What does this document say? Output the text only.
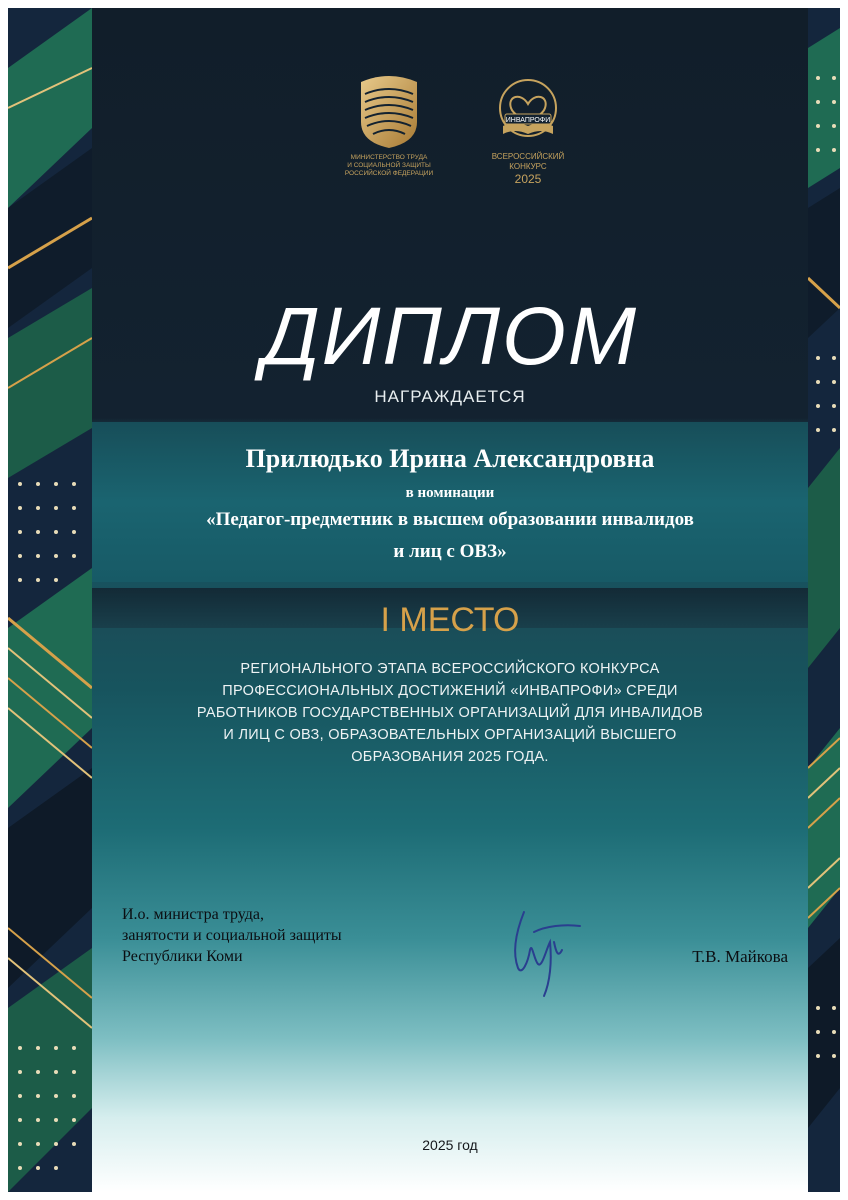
МИНИСТЕРСТВО ТРУДА
И СОЦИАЛЬНОЙ ЗАЩИТЫ
РОССИЙСКОЙ ФЕДЕРАЦИИ
ИНВАПРОФИ
ВСЕРОССИЙСКИЙ
КОНКУРС
2025
ДИПЛОМ
НАГРАЖДАЕТСЯ
Прилюдько Ирина Александровна
в номинации
«Педагог-предметник в высшем образовании инвалидов
и лиц с ОВЗ»
I МЕСТО
РЕГИОНАЛЬНОГО ЭТАПА ВСЕРОССИЙСКОГО КОНКУРСА ПРОФЕССИОНАЛЬНЫХ ДОСТИЖЕНИЙ «ИНВАПРОФИ» СРЕДИ РАБОТНИКОВ ГОСУДАРСТВЕННЫХ ОРГАНИЗАЦИЙ ДЛЯ ИНВАЛИДОВ И ЛИЦ С ОВЗ, ОБРАЗОВАТЕЛЬНЫХ ОРГАНИЗАЦИЙ ВЫСШЕГО ОБРАЗОВАНИЯ 2025 ГОДА.
И.о. министра труда,
занятости и социальной защиты
Республики Коми	Т.В. Майкова
2025 год
